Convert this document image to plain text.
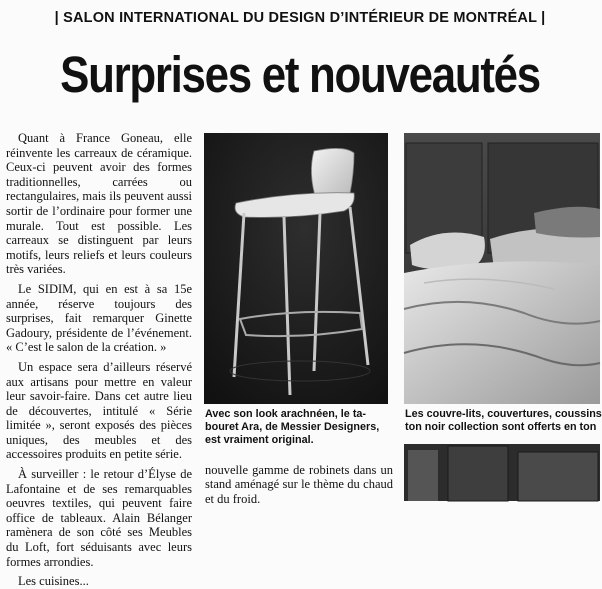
| SALON INTERNATIONAL DU DESIGN D’INTÉRIEUR DE MONTRÉAL |
Surprises et nouveautés

Quant à France Goneau, elle réinvente les carreaux de céramique. Ceux-ci peuvent avoir des formes traditionnelles, carrées ou rectangulaires, mais ils peuvent aussi sortir de l’ordinaire pour former une murale. Tout est possible. Les carreaux se distinguent par leurs motifs, leurs reliefs et leurs couleurs très variées.

Le SIDIM, qui en est à sa 15e année, réserve toujours des surprises, fait remarquer Ginette Gadoury, présidente de l’événement. « C’est le salon de la création. »

Un espace sera d’ailleurs réservé aux artisans pour mettre en valeur leur savoir-faire. Dans cet autre lieu de découvertes, intitulé « Série limitée », seront exposés des pièces uniques, des meubles et des accessoires produits en petite série.

À surveiller : le retour d’Élyse de Lafontaine et de ses remarquables oeuvres textiles, qui peuvent faire office de tableaux. Alain Bélanger ramènera de son côté ses Meubles du Loft, fort séduisants avec leurs formes arrondies.

Les cuisines...

Avec son look arachnéen, le ta-
bouret Ara, de Messier Designers,
est vraiment original.
Les couvre-lits, couvertures, coussins
ton noir collection sont offerts en ton

nouvelle gamme de robinets dans un stand aménagé sur le thème du chaud et du froid.
